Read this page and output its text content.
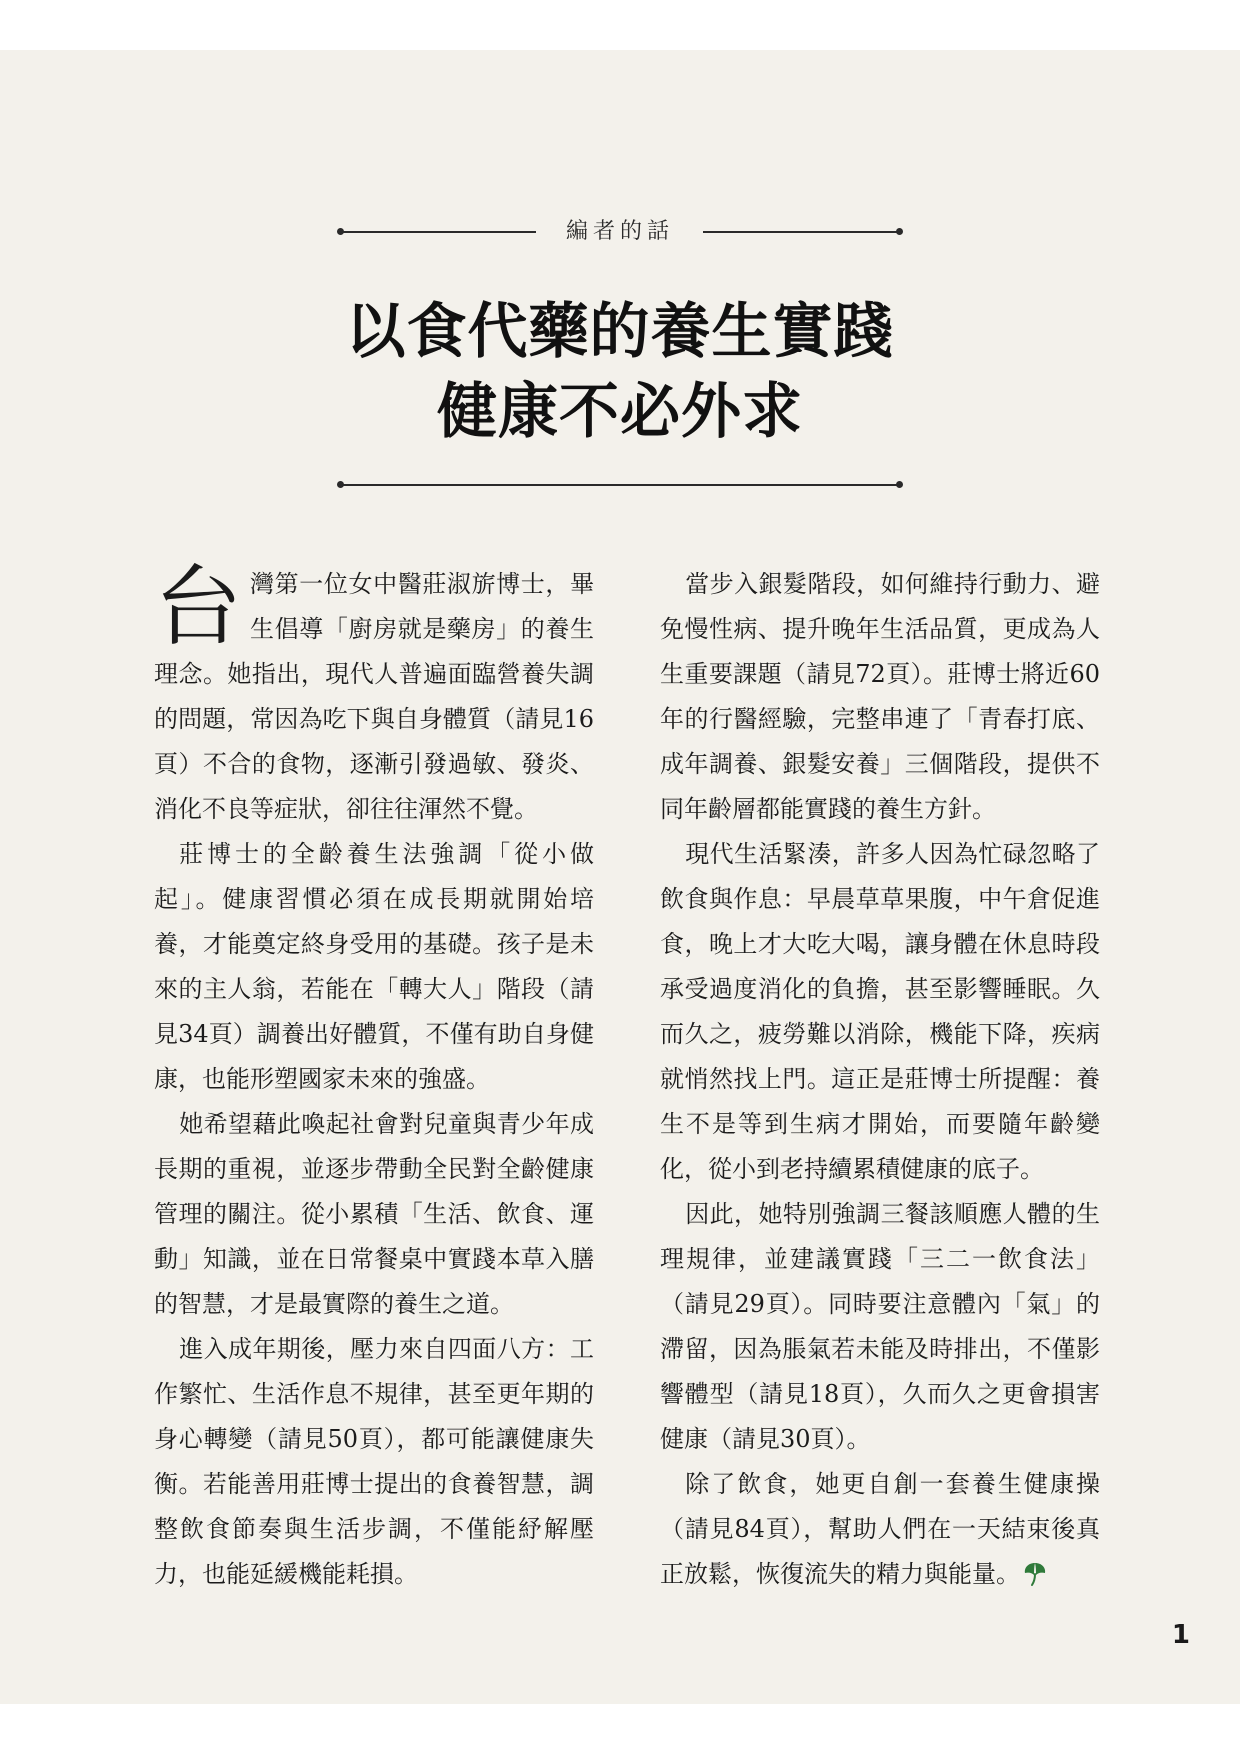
編者的話
以食代藥的養生實踐
健康不必外求

台灣第一位女中醫莊淑旂博士，畢生倡導「廚房就是藥房」的養生理念。她指出，現代人普遍面臨營養失調的問題，常因為吃下與自身體質（請見16頁）不合的食物，逐漸引發過敏、發炎、消化不良等症狀，卻往往渾然不覺。

莊博士的全齡養生法強調「從小做起」。健康習慣必須在成長期就開始培養，才能奠定終身受用的基礎。孩子是未來的主人翁，若能在「轉大人」階段（請見34頁）調養出好體質，不僅有助自身健康，也能形塑國家未來的強盛。

她希望藉此喚起社會對兒童與青少年成長期的重視，並逐步帶動全民對全齡健康管理的關注。從小累積「生活、飲食、運動」知識，並在日常餐桌中實踐本草入膳的智慧，才是最實際的養生之道。

進入成年期後，壓力來自四面八方：工作繁忙、生活作息不規律，甚至更年期的身心轉變（請見50頁），都可能讓健康失衡。若能善用莊博士提出的食養智慧，調整飲食節奏與生活步調，不僅能紓解壓力，也能延緩機能耗損。

當步入銀髮階段，如何維持行動力、避免慢性病、提升晚年生活品質，更成為人生重要課題（請見72頁）。莊博士將近60年的行醫經驗，完整串連了「青春打底、成年調養、銀髮安養」三個階段，提供不同年齡層都能實踐的養生方針。

現代生活緊湊，許多人因為忙碌忽略了飲食與作息：早晨草草果腹，中午倉促進食，晚上才大吃大喝，讓身體在休息時段承受過度消化的負擔，甚至影響睡眠。久而久之，疲勞難以消除，機能下降，疾病就悄然找上門。這正是莊博士所提醒：養生不是等到生病才開始，而要隨年齡變化，從小到老持續累積健康的底子。

因此，她特別強調三餐該順應人體的生理規律，並建議實踐「三二一飲食法」（請見29頁）。同時要注意體內「氣」的滯留，因為脹氣若未能及時排出，不僅影響體型（請見18頁），久而久之更會損害健康（請見30頁）。

除了飲食，她更自創一套養生健康操（請見84頁），幫助人們在一天結束後真正放鬆，恢復流失的精力與能量。

1
